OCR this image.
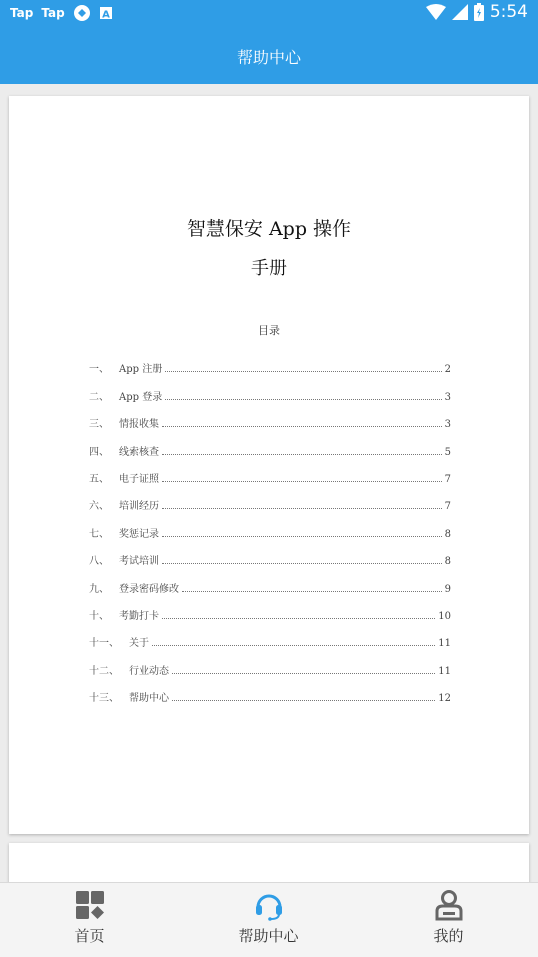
Tap Tap	A	5:54
帮助中心
智慧保安 App 操作
手册
目录
一、 App 注册	2
二、 App 登录	3
三、 情报收集	3
四、 线索核查	5
五、 电子证照	7
六、 培训经历	7
七、 奖惩记录	8
八、 考试培训	8
九、 登录密码修改	9
十、 考勤打卡	10
十一、 关于	11
十二、 行业动态	11
十三、 帮助中心	12
首页	帮助中心	我的
